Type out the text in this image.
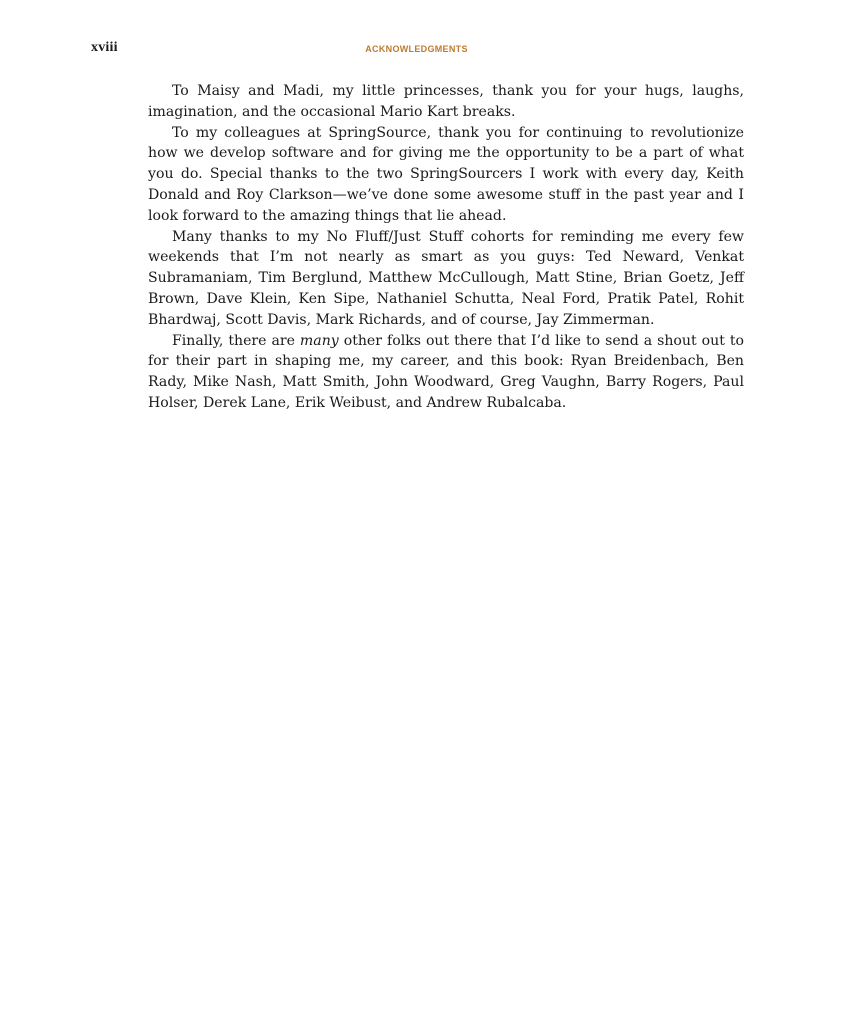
xviii	ACKNOWLEDGMENTS

To Maisy and Madi, my little princesses, thank you for your hugs, laughs, imagination, and the occasional Mario Kart breaks.

To my colleagues at SpringSource, thank you for continuing to revolutionize how we develop software and for giving me the opportunity to be a part of what you do. Special thanks to the two SpringSourcers I work with every day, Keith Donald and Roy Clarkson—we’ve done some awesome stuff in the past year and I look forward to the amazing things that lie ahead.

Many thanks to my No Fluff/Just Stuff cohorts for reminding me every few weekends that I’m not nearly as smart as you guys: Ted Neward, Venkat Subramaniam, Tim Berglund, Matthew McCullough, Matt Stine, Brian Goetz, Jeff Brown, Dave Klein, Ken Sipe, Nathaniel Schutta, Neal Ford, Pratik Patel, Rohit Bhardwaj, Scott Davis, Mark Richards, and of course, Jay Zimmerman.

Finally, there are many other folks out there that I’d like to send a shout out to for their part in shaping me, my career, and this book: Ryan Breidenbach, Ben Rady, Mike Nash, Matt Smith, John Woodward, Greg Vaughn, Barry Rogers, Paul Holser, Derek Lane, Erik Weibust, and Andrew Rubalcaba.
